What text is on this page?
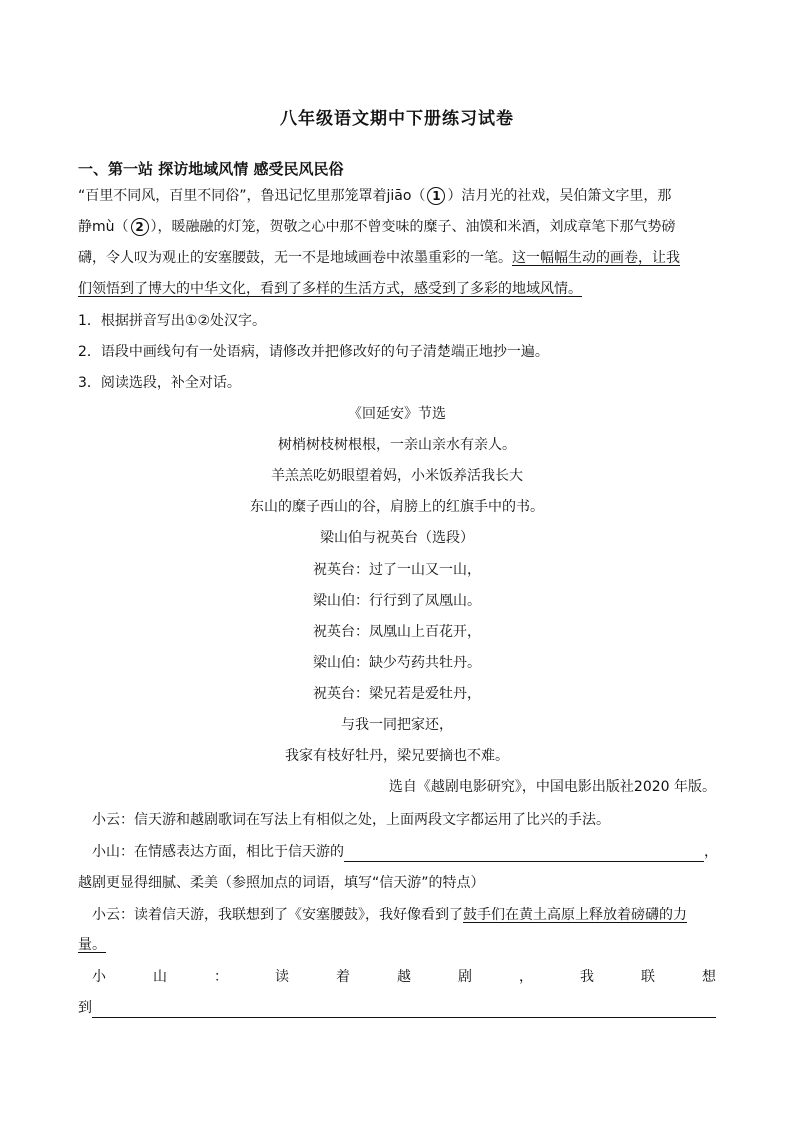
八年级语文期中下册练习试卷
一、第一站 探访地域风情 感受民风民俗
“百里不同风，百里不同俗”，鲁迅记忆里那笼罩着jiāo（ 1 ）洁月光的社戏，吴伯箫文字里，那
静mù（ 2 ），暖融融的灯笼，贺敬之心中那不曾变味的糜子、油馍和米酒，刘成章笔下那气势磅
礴，令人叹为观止的安塞腰鼓，无一不是地域画卷中浓墨重彩的一笔。这一幅幅生动的画卷，让我
们领悟到了博大的中华文化，看到了多样的生活方式，感受到了多彩的地域风情。
1．根据拼音写出①②处汉字。
2．语段中画线句有一处语病，请修改并把修改好的句子清楚端正地抄一遍。
3．阅读选段，补全对话。
《回延安》节选
树梢树枝树根根，一亲山亲水有亲人。
羊羔羔吃奶眼望着妈，小米饭养活我长大
东山的糜子西山的谷，肩膀上的红旗手中的书。
梁山伯与祝英台（选段）
祝英台：过了一山又一山，
梁山伯：行行到了凤凰山。
祝英台：凤凰山上百花开，
梁山伯：缺少芍药共牡丹。
祝英台：梁兄若是爱牡丹，
与我一同把家还，
我家有枝好牡丹，梁兄要摘也不难。
选自《越剧电影研究》，中国电影出版社2020 年版。
小云：信天游和越剧歌词在写法上有相似之处，上面两段文字都运用了比兴的手法。
小山：在情感表达方面，相比于信天游的	，
越剧更显得细腻、柔美（参照加点的词语，填写“信天游”的特点）
小云：读着信天游，我联想到了《安塞腰鼓》，我好像看到了鼓手们在黄土高原上释放着磅礴的力
量。
小	山	：	读	着	越	剧	，	我	联	想
到
